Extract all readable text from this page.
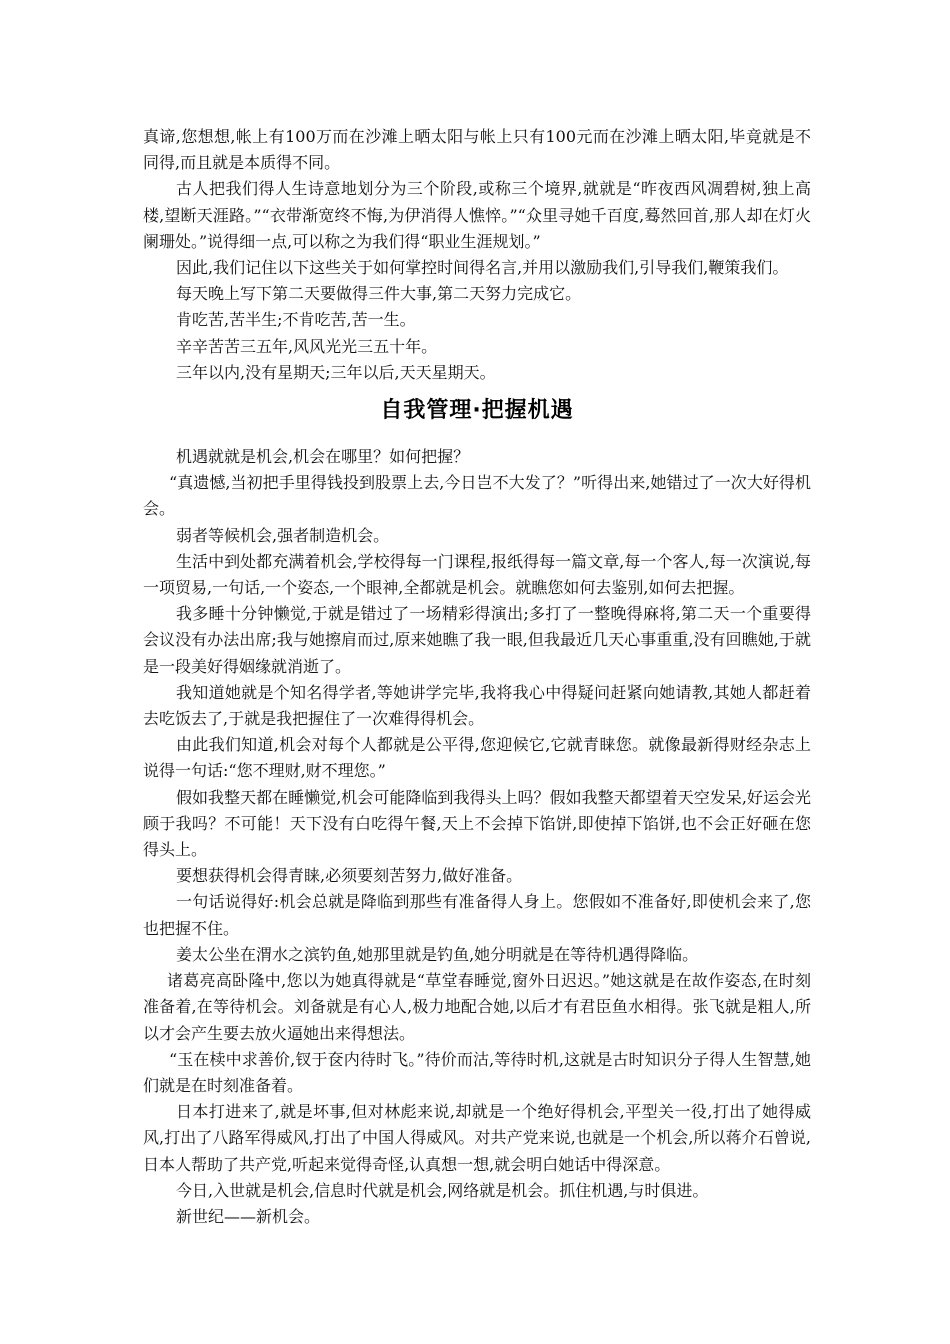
真谛,您想想,帐上有100万而在沙滩上晒太阳与帐上只有100元而在沙滩上晒太阳,毕竟就是不同得,而且就是本质得不同。

古人把我们得人生诗意地划分为三个阶段,或称三个境界,就就是“昨夜西风凋碧树,独上高楼,望断天涯路。”“衣带渐宽终不悔,为伊消得人憔悴。”“众里寻她千百度,蓦然回首,那人却在灯火阑珊处。”说得细一点,可以称之为我们得“职业生涯规划。”

因此,我们记住以下这些关于如何掌控时间得名言,并用以激励我们,引导我们,鞭策我们。

每天晚上写下第二天要做得三件大事,第二天努力完成它。

肯吃苦,苦半生;不肯吃苦,苦一生。

辛辛苦苦三五年,风风光光三五十年。

三年以内,没有星期天;三年以后,天天星期天。

自我管理·把握机遇

机遇就就是机会,机会在哪里？如何把握？

“真遗憾,当初把手里得钱投到股票上去,今日岂不大发了？”听得出来,她错过了一次大好得机会。

弱者等候机会,强者制造机会。

生活中到处都充满着机会,学校得每一门课程,报纸得每一篇文章,每一个客人,每一次演说,每一项贸易,一句话,一个姿态,一个眼神,全都就是机会。就瞧您如何去鉴别,如何去把握。

我多睡十分钟懒觉,于就是错过了一场精彩得演出;多打了一整晚得麻将,第二天一个重要得会议没有办法出席;我与她擦肩而过,原来她瞧了我一眼,但我最近几天心事重重,没有回瞧她,于就是一段美好得姻缘就消逝了。

我知道她就是个知名得学者,等她讲学完毕,我将我心中得疑问赶紧向她请教,其她人都赶着去吃饭去了,于就是我把握住了一次难得得机会。

由此我们知道,机会对每个人都就是公平得,您迎候它,它就青睐您。就像最新得财经杂志上说得一句话:“您不理财,财不理您。”

假如我整天都在睡懒觉,机会可能降临到我得头上吗？假如我整天都望着天空发呆,好运会光顾于我吗？不可能！天下没有白吃得午餐,天上不会掉下馅饼,即使掉下馅饼,也不会正好砸在您得头上。

要想获得机会得青睐,必须要刻苦努力,做好准备。

一句话说得好:机会总就是降临到那些有准备得人身上。您假如不准备好,即使机会来了,您也把握不住。

姜太公坐在渭水之滨钓鱼,她那里就是钓鱼,她分明就是在等待机遇得降临。

诸葛亮高卧隆中,您以为她真得就是“草堂春睡觉,窗外日迟迟。”她这就是在故作姿态,在时刻准备着,在等待机会。刘备就是有心人,极力地配合她,以后才有君臣鱼水相得。张飞就是粗人,所以才会产生要去放火逼她出来得想法。

“玉在椟中求善价,钗于奁内待时飞。”待价而沽,等待时机,这就是古时知识分子得人生智慧,她们就是在时刻准备着。

日本打进来了,就是坏事,但对林彪来说,却就是一个绝好得机会,平型关一役,打出了她得威风,打出了八路军得威风,打出了中国人得威风。对共产党来说,也就是一个机会,所以蒋介石曾说,日本人帮助了共产党,听起来觉得奇怪,认真想一想,就会明白她话中得深意。

今日,入世就是机会,信息时代就是机会,网络就是机会。抓住机遇,与时俱进。

新世纪——新机会。
